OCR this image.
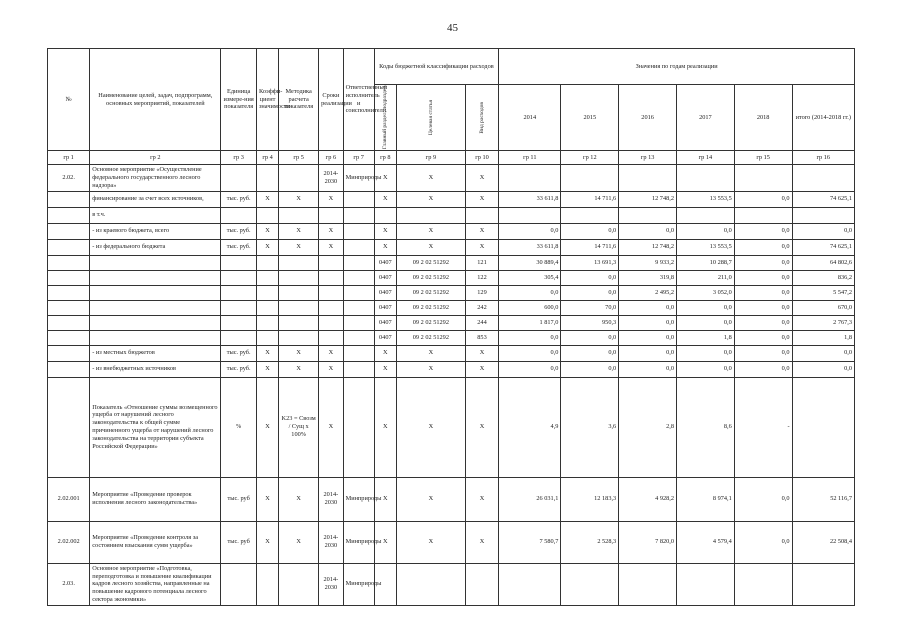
45
№	Наименование целей, задач, подпрограмм, основных мероприятий, показателей	Единица измере-ния показателя	Коэффи-циент значимости	Методика расчета показателя	Сроки реализации	Ответственный исполнитель и соисполнители	Коды бюджетной классификации расходов			Значения по годам реализации					

							Главный раздел, подраздел	Целевая статья	Вид расходов	2014	2015	2016	2017	2018	итого (2014-2018 гг.)
гр 1	гр 2	гр 3	гр 4	гр 5	гр 6	гр 7	гр 8	гр 9	гр 10	гр 11	гр 12	гр 13	гр 14	гр 15	гр 16
2.02.	Основное мероприятие «Осуществление федерального государственного лесного надзора»				2014-2030	Минприроды	X	X	X						
	финансирование за счет всех источников,	тыс. руб.	X	X	X		X	X	X	33 611,8	14 711,6	12 748,2	13 553,5	0,0	74 625,1
	в т.ч.														
	- из краевого бюджета, всего	тыс. руб.	X	X	X		X	X	X	0,0	0,0	0,0	0,0	0,0	0,0
	- из федерального бюджета	тыс. руб.	X	X	X		X	X	X	33 611,8	14 711,6	12 748,2	13 553,5	0,0	74 625,1
							0407	09 2 02 51292	121	30 889,4	13 691,3	9 933,2	10 288,7	0,0	64 802,6
							0407	09 2 02 51292	122	305,4	0,0	319,8	211,0	0,0	836,2
							0407	09 2 02 51292	129	0,0	0,0	2 495,2	3 052,0	0,0	5 547,2
							0407	09 2 02 51292	242	600,0	70,0	0,0	0,0	0,0	670,0
							0407	09 2 02 51292	244	1 817,0	950,3	0,0	0,0	0,0	2 767,3
							0407	09 2 02 51292	853	0,0	0,0	0,0	1,8	0,0	1,8
	- из местных бюджетов	тыс. руб.	X	X	X		X	X	X	0,0	0,0	0,0	0,0	0,0	0,0
	- из внебюджетных источников	тыс. руб.	X	X	X		X	X	X	0,0	0,0	0,0	0,0	0,0	0,0
	Показатель «Отношение суммы возмещенного ущерба от нарушений лесного законодательства к общей сумме причиненного ущерба от нарушений лесного законодательства на территории субъекта Российской Федерации»	%	X	K23 = Свозм / Сущ x 100%	X		X	X	X	4,9	3,6	2,8	8,6	-	
2.02.001	Мероприятие «Проведение проверок исполнения лесного законодательства»	тыс. руб	X	X	2014-2030	Минприроды	X	X	X	26 031,1	12 183,3	4 928,2	8 974,1	0,0	52 116,7
2.02.002	Мероприятие «Проведение контроля за состоянием взыскания сумм ущерба»	тыс. руб	X	X	2014-2030	Минприроды	X	X	X	7 580,7	2 528,3	7 820,0	4 579,4	0,0	22 508,4
2.03.	Основное мероприятие «Подготовка, переподготовка и повышение квалификации кадров лесного хозяйства, направленные на повышение кадрового потенциала лесного сектора экономики»				2014-2030	Минприроды									
